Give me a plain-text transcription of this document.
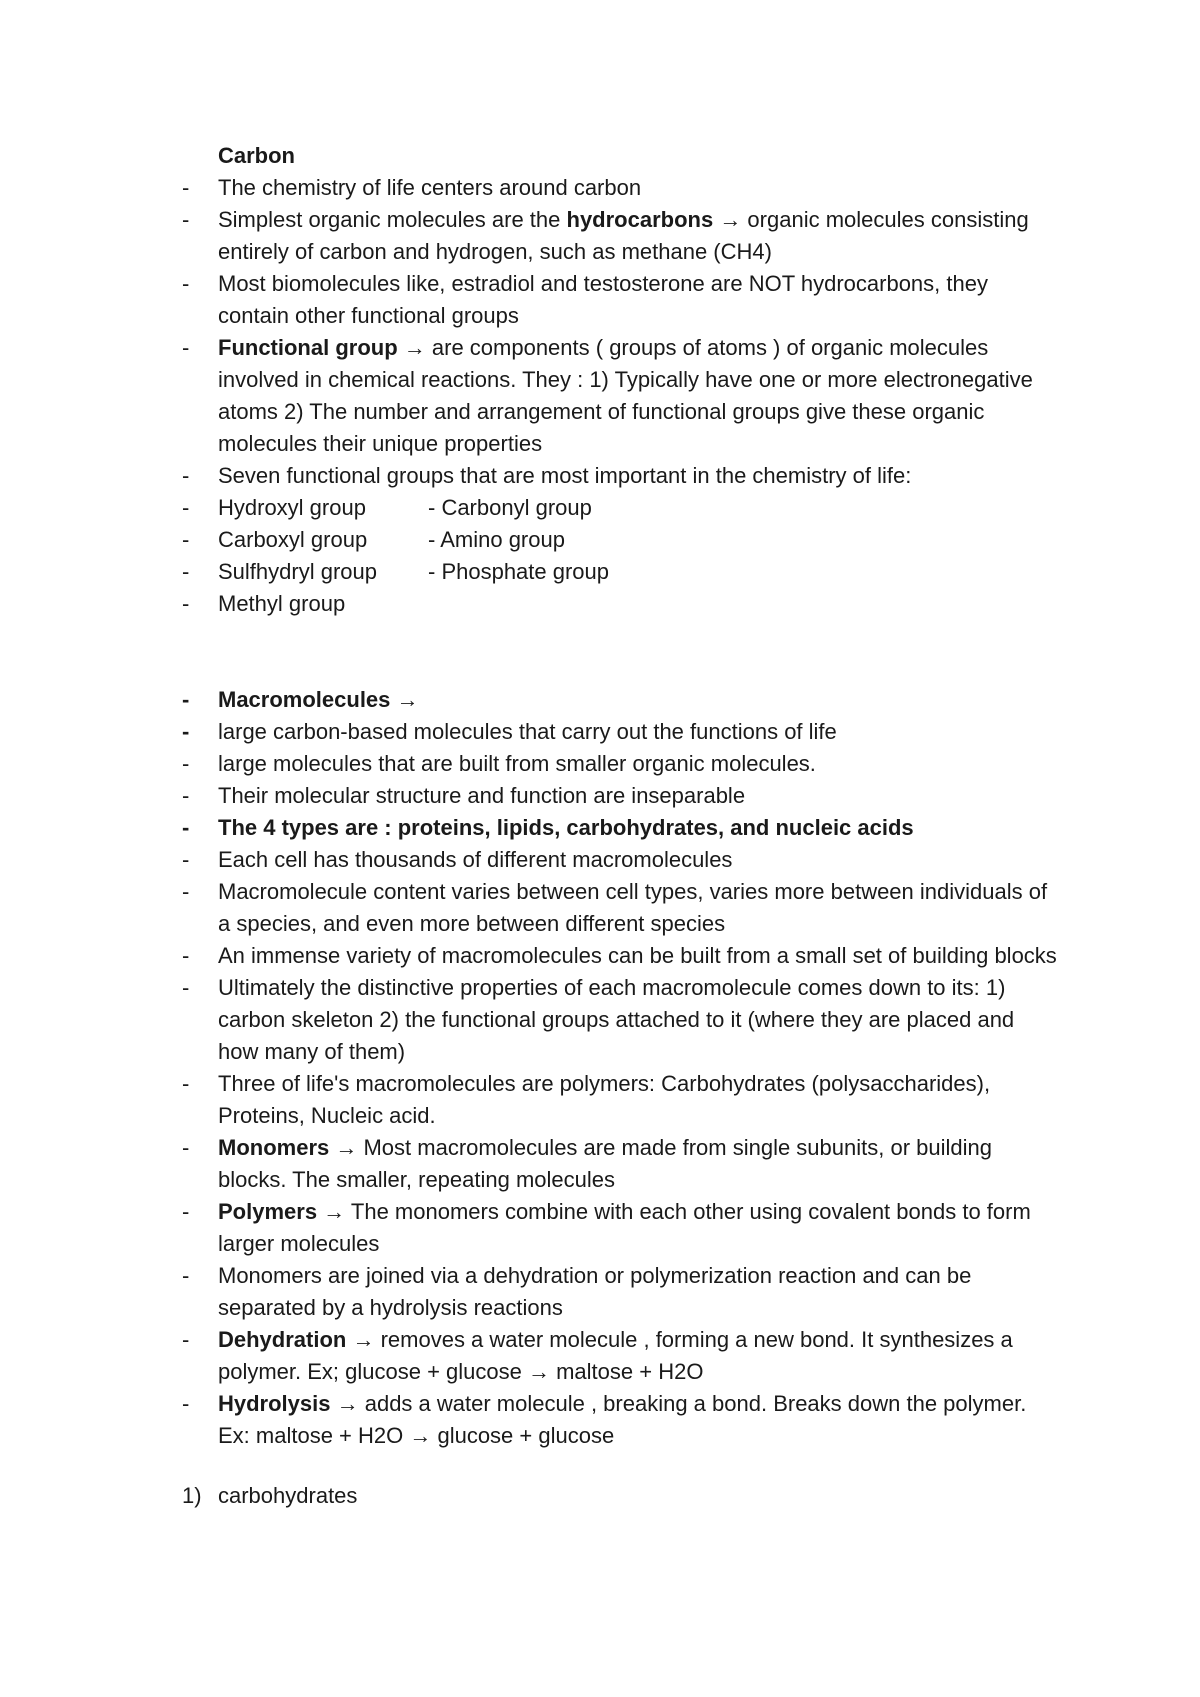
Carbon
- The chemistry of life centers around carbon
- Simplest organic molecules are the hydrocarbons → organic molecules consisting entirely of carbon and hydrogen, such as methane (CH4)
- Most biomolecules like, estradiol and testosterone are NOT hydrocarbons, they contain other functional groups
- Functional group → are components ( groups of atoms ) of organic molecules involved in chemical reactions. They : 1) Typically have one or more electronegative atoms 2) The number and arrangement of functional groups give these organic molecules their unique properties
- Seven functional groups that are most important in the chemistry of life:
- Hydroxyl group	- Carbonyl group
- Carboxyl group	- Amino group
- Sulfhydryl group	- Phosphate group
- Methyl group
- Macromolecules →
- large carbon-based molecules that carry out the functions of life
- large molecules that are built from smaller organic molecules.
- Their molecular structure and function are inseparable
- The 4 types are : proteins, lipids, carbohydrates, and nucleic acids
- Each cell has thousands of different macromolecules
- Macromolecule content varies between cell types, varies more between individuals of a species, and even more between different species
- An immense variety of macromolecules can be built from a small set of building blocks
- Ultimately the distinctive properties of each macromolecule comes down to its: 1) carbon skeleton 2) the functional groups attached to it (where they are placed and how many of them)
- Three of life's macromolecules are polymers: Carbohydrates (polysaccharides), Proteins, Nucleic acid.
- Monomers → Most macromolecules are made from single subunits, or building blocks. The smaller, repeating molecules
- Polymers → The monomers combine with each other using covalent bonds to form larger molecules
- Monomers are joined via a dehydration or polymerization reaction and can be separated by a hydrolysis reactions
- Dehydration → removes a water molecule , forming a new bond. It synthesizes a polymer. Ex; glucose + glucose → maltose + H2O
- Hydrolysis → adds a water molecule , breaking a bond. Breaks down the polymer. Ex: maltose + H2O → glucose + glucose
1) carbohydrates
